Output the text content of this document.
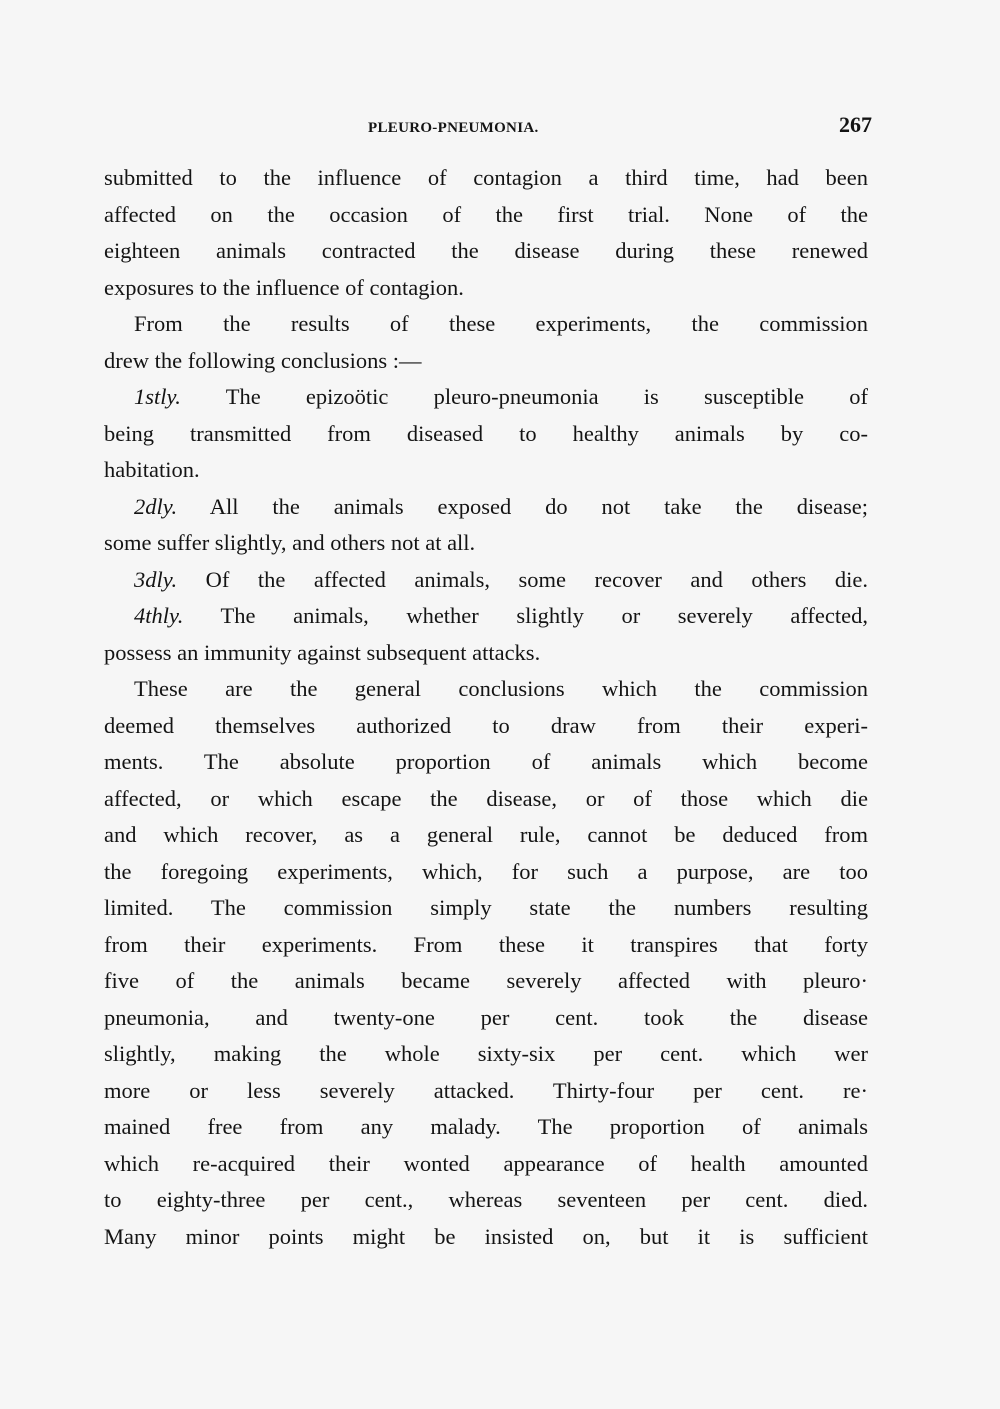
PLEURO-PNEUMONIA.	267
submitted to the influence of contagion a third time, had been
affected on the occasion of the first trial. None of the
eighteen animals contracted the disease during these renewed
exposures to the influence of contagion.
From the results of these experiments, the commission
drew the following conclusions :—
1stly. The epizoötic pleuro-pneumonia is susceptible of
being transmitted from diseased to healthy animals by co-
habitation.
2dly. All the animals exposed do not take the disease;
some suffer slightly, and others not at all.
3dly. Of the affected animals, some recover and others die.
4thly. The animals, whether slightly or severely affected,
possess an immunity against subsequent attacks.
These are the general conclusions which the commission
deemed themselves authorized to draw from their experi-
ments. The absolute proportion of animals which become
affected, or which escape the disease, or of those which die
and which recover, as a general rule, cannot be deduced from
the foregoing experiments, which, for such a purpose, are too
limited. The commission simply state the numbers resulting
from their experiments. From these it transpires that forty
five of the animals became severely affected with pleuro·
pneumonia, and twenty-one per cent. took the disease
slightly, making the whole sixty-six per cent. which wer
more or less severely attacked. Thirty-four per cent. re·
mained free from any malady. The proportion of animals
which re-acquired their wonted appearance of health amounted
to eighty-three per cent., whereas seventeen per cent. died.
Many minor points might be insisted on, but it is sufficient
